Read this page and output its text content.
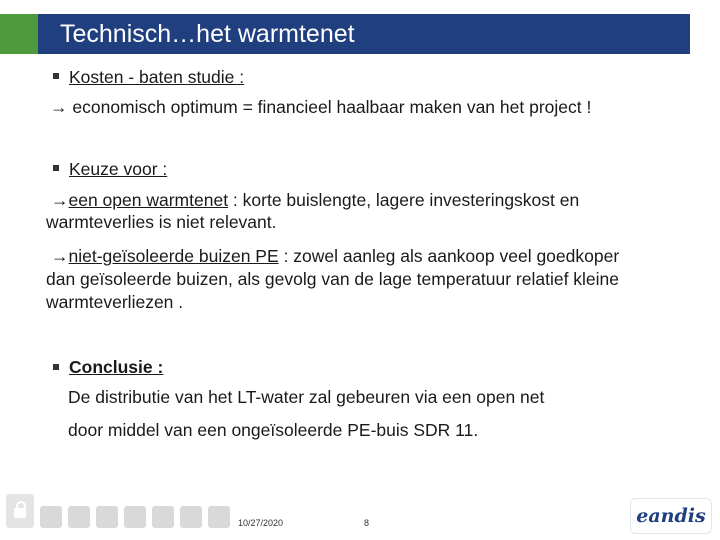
Technisch…het warmtenet
Kosten - baten studie :
→ economisch optimum = financieel haalbaar maken van het project !
Keuze voor :
→een open warmtenet : korte buislengte, lagere investeringskost en
warmteverlies is niet relevant.
→niet-geïsoleerde buizen PE : zowel aanleg als aankoop veel goedkoper
dan geïsoleerde buizen, als gevolg van de lage temperatuur relatief kleine
warmteverliezen .
Conclusie :
De distributie van het LT-water zal gebeuren via een open net
door middel van een ongeïsoleerde PE-buis SDR 11.
10/27/2020	8	eandis
